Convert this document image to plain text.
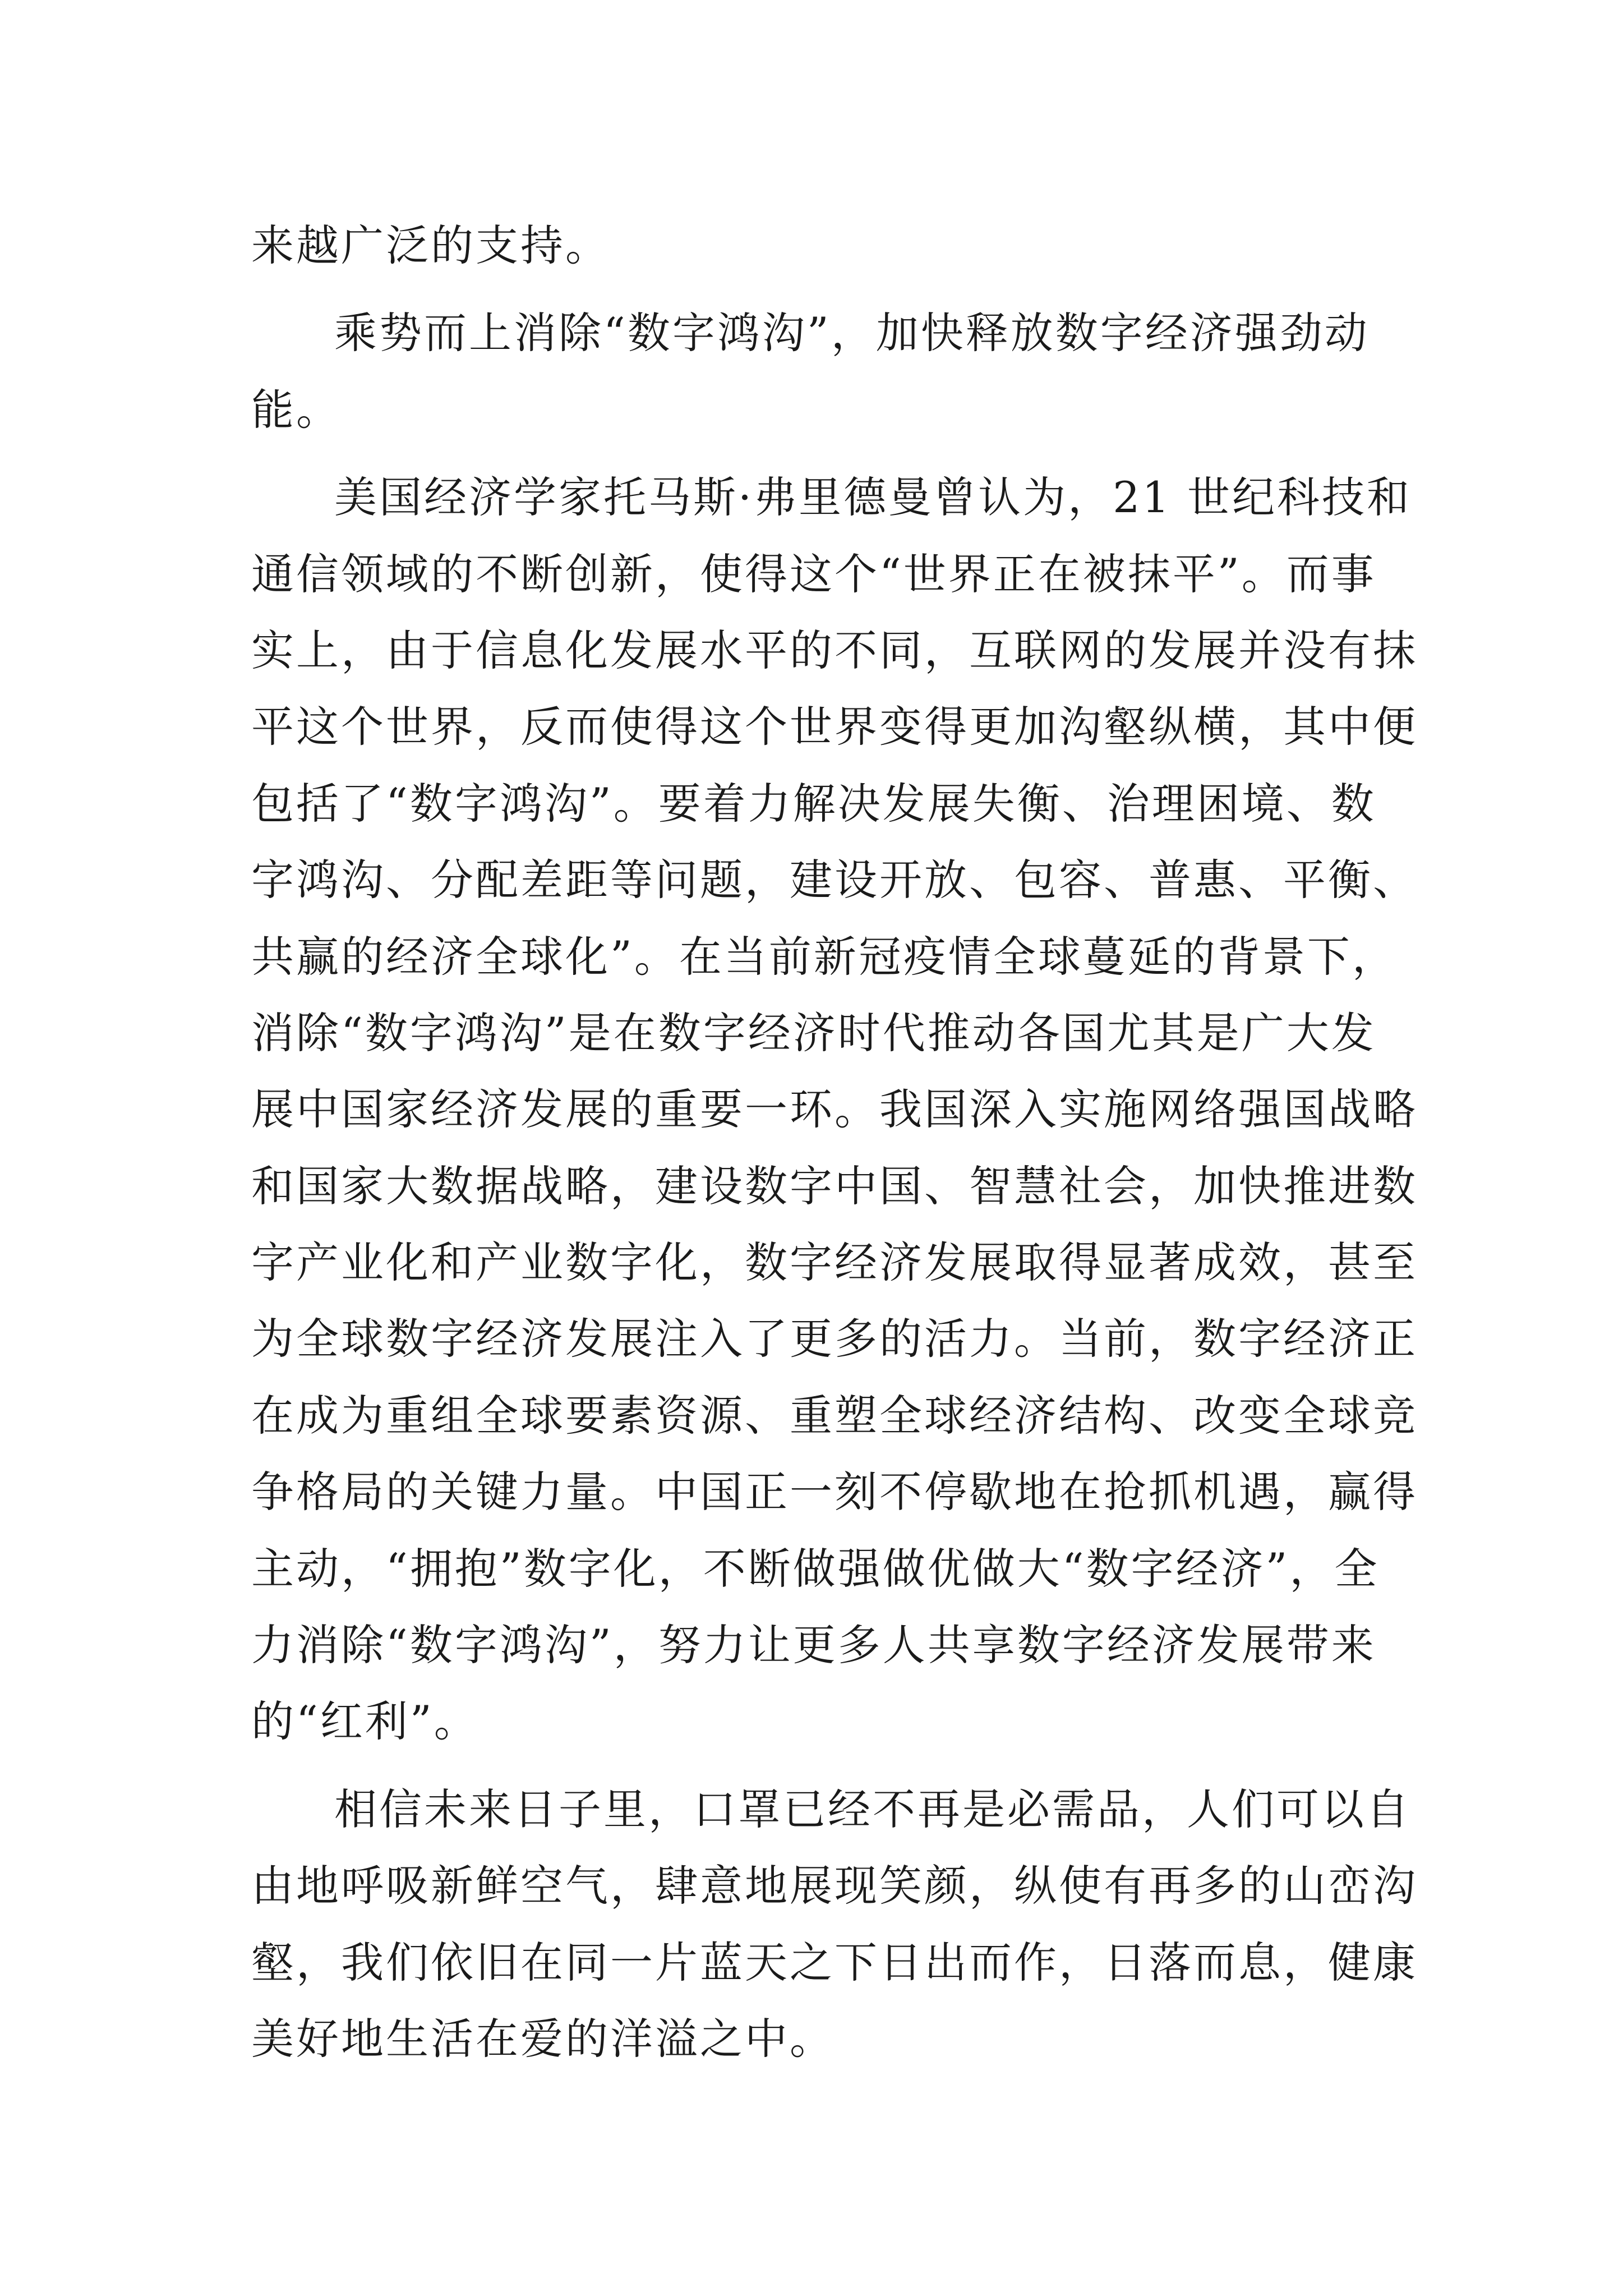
来越广泛的支持。
乘势而上消除“数字鸿沟”，加快释放数字经济强劲动
能。
美国经济学家托马斯·弗里德曼曾认为，21 世纪科技和
通信领域的不断创新，使得这个“世界正在被抹平”。而事
实上，由于信息化发展水平的不同，互联网的发展并没有抹
平这个世界，反而使得这个世界变得更加沟壑纵横，其中便
包括了“数字鸿沟”。要着力解决发展失衡、治理困境、数
字鸿沟、分配差距等问题，建设开放、包容、普惠、平衡、
共赢的经济全球化”。在当前新冠疫情全球蔓延的背景下，
消除“数字鸿沟”是在数字经济时代推动各国尤其是广大发
展中国家经济发展的重要一环。我国深入实施网络强国战略
和国家大数据战略，建设数字中国、智慧社会，加快推进数
字产业化和产业数字化，数字经济发展取得显著成效，甚至
为全球数字经济发展注入了更多的活力。当前，数字经济正
在成为重组全球要素资源、重塑全球经济结构、改变全球竞
争格局的关键力量。中国正一刻不停歇地在抢抓机遇，赢得
主动，“拥抱”数字化，不断做强做优做大“数字经济”，全
力消除“数字鸿沟”，努力让更多人共享数字经济发展带来
的“红利”。
相信未来日子里，口罩已经不再是必需品，人们可以自
由地呼吸新鲜空气，肆意地展现笑颜，纵使有再多的山峦沟
壑，我们依旧在同一片蓝天之下日出而作，日落而息，健康
美好地生活在爱的洋溢之中。
